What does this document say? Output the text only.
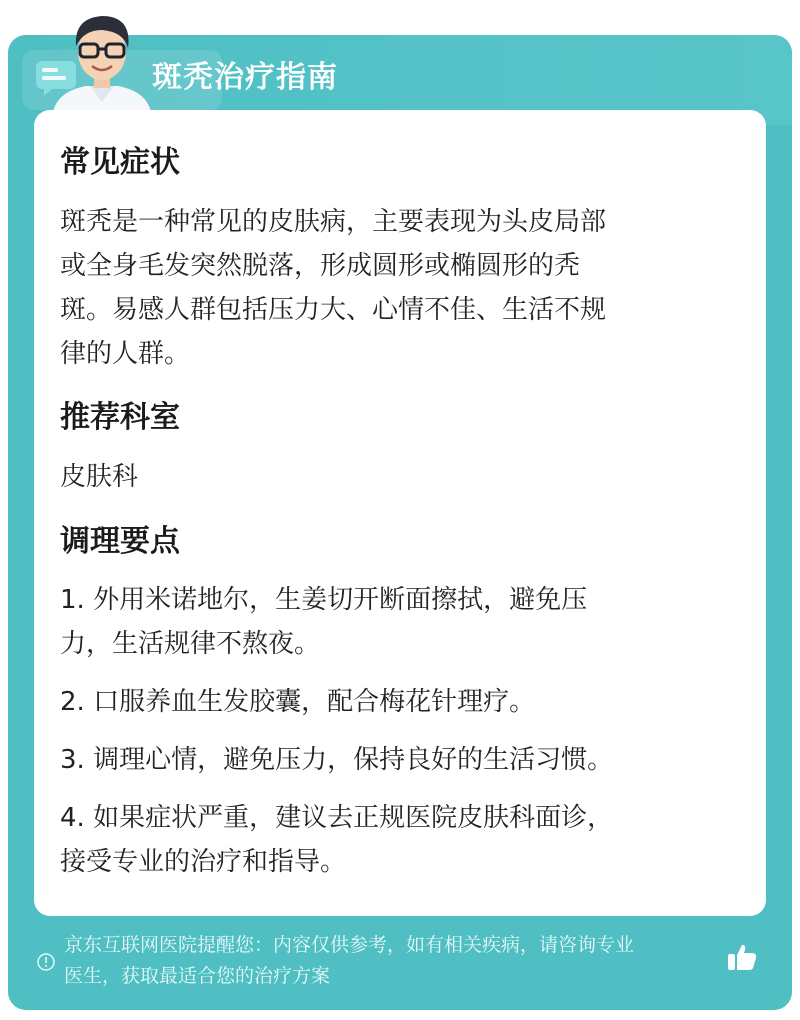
斑秃治疗指南
常见症状

斑秃是一种常见的皮肤病，主要表现为头皮局部

或全身毛发突然脱落，形成圆形或椭圆形的秃

斑。易感人群包括压力大、心情不佳、生活不规

律的人群。

推荐科室
皮肤科
调理要点

1. 外用米诺地尔，生姜切开断面擦拭，避免压

力，生活规律不熬夜。

2. 口服养血生发胶囊，配合梅花针理疗。

3. 调理心情，避免压力，保持良好的生活习惯。

4. 如果症状严重，建议去正规医院皮肤科面诊，

接受专业的治疗和指导。

京东互联网医院提醒您：内容仅供参考，如有相关疾病，请咨询专业
医生，获取最适合您的治疗方案
